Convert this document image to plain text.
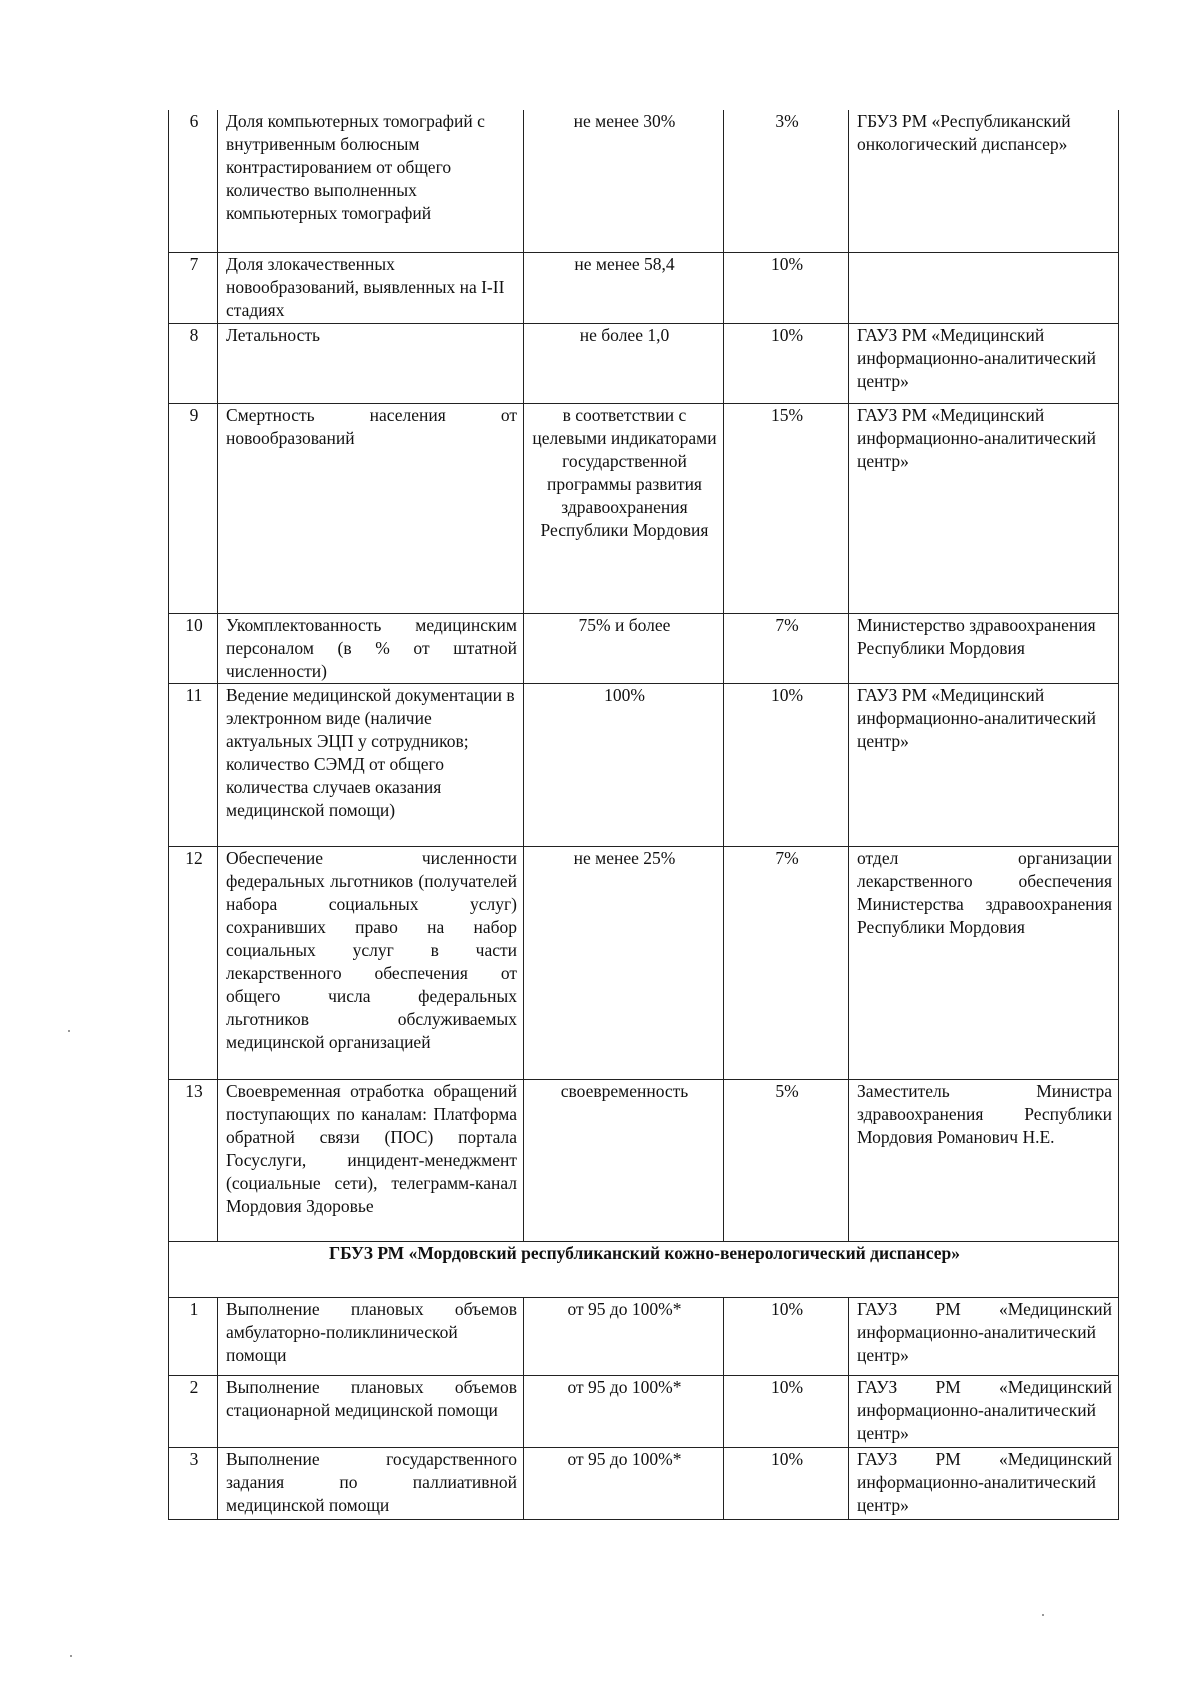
6	Доля компьютерных томографий с внутривенным болюсным контрастированием от общего количество выполненных компьютерных томографий	не менее 30%	3%	ГБУЗ РМ «Республиканский онкологический диспансер»
7	Доля злокачественных новообразований, выявленных на I-II стадиях	не менее 58,4	10%	
8	Летальность	не более 1,0	10%	ГАУЗ РМ «Медицинский информационно-аналитический центр»
9	Смертность населения от новообразований	в соответствии с целевыми индикаторами государственной программы развития здравоохранения Республики Мордовия	15%	ГАУЗ РМ «Медицинский информационно-аналитический центр»
10	Укомплектованность медицинским персоналом (в % от штатной численности)	75% и более	7%	Министерство здравоохранения Республики Мордовия
11	Ведение медицинской документации в электронном виде (наличие актуальных ЭЦП у сотрудников; количество СЭМД от общего количества случаев оказания медицинской помощи)	100%	10%	ГАУЗ РМ «Медицинский информационно-аналитический центр»
12	Обеспечение численности федеральных льготников (получателей набора социальных услуг) сохранивших право на набор социальных услуг в части лекарственного обеспечения от общего числа федеральных льготников обслуживаемых медицинской организацией	не менее 25%	7%	отдел организации лекарственного обеспечения Министерства здравоохранения Республики Мордовия
13	Своевременная отработка обращений поступающих по каналам: Платформа обратной связи (ПОС) портала Госуслуги, инцидент-менеджмент (социальные сети), телеграмм-канал Мордовия Здоровье	своевременность	5%	Заместитель Министра здравоохранения Республики Мордовия Романович Н.Е.
ГБУЗ РМ «Мордовский республиканский кожно-венерологический диспансер»				
1	Выполнение плановых объемов амбулаторно-поликлинической помощи	от 95 до 100%*	10%	ГАУЗ РМ «Медицинский информационно-аналитический центр»
2	Выполнение плановых объемов стационарной медицинской помощи	от 95 до 100%*	10%	ГАУЗ РМ «Медицинский информационно-аналитический центр»
3	Выполнение государственного задания по паллиативной медицинской помощи	от 95 до 100%*	10%	ГАУЗ РМ «Медицинский информационно-аналитический центр»
